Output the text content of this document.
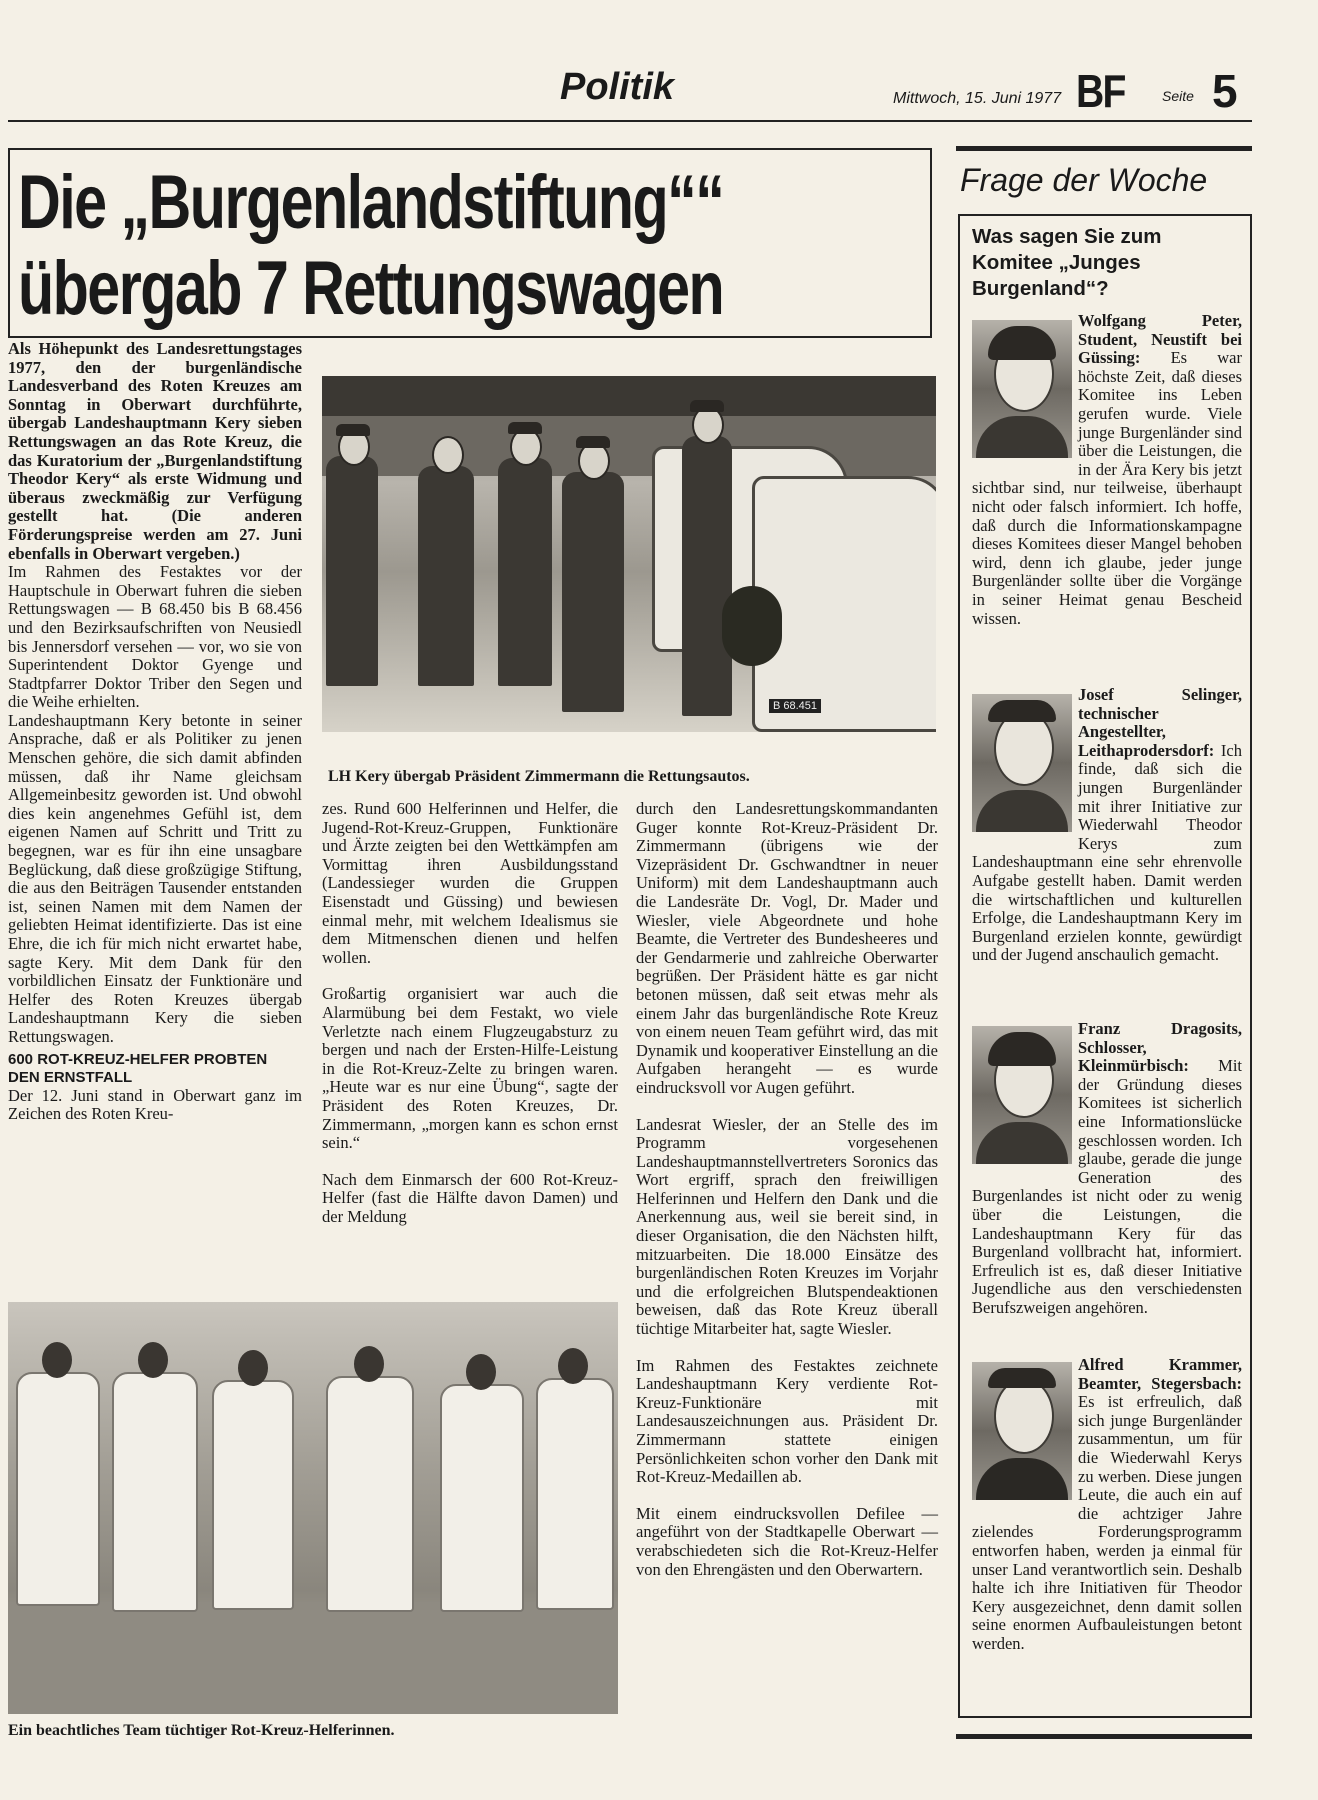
Politik	Mittwoch, 15. Juni 1977 BF	Seite 5
Die „Burgenlandstiftung““
übergab 7 Rettungswagen

Als Höhepunkt des Landesrettungstages 1977, den der burgenländische Landesverband des Roten Kreuzes am Sonntag in Oberwart durchführte, übergab Landeshauptmann Kery sieben Rettungswagen an das Rote Kreuz, die das Kuratorium der „Burgenlandstiftung Theodor Kery“ als erste Widmung und überaus zweckmäßig zur Verfügung gestellt hat. (Die anderen Förderungspreise werden am 27. Juni ebenfalls in Oberwart vergeben.)

Im Rahmen des Festaktes vor der Hauptschule in Oberwart fuhren die sieben Rettungswagen — B 68.450 bis B 68.456 und den Bezirksaufschriften von Neusiedl bis Jennersdorf versehen — vor, wo sie von Superintendent Doktor Gyenge und Stadtpfarrer Doktor Triber den Segen und die Weihe erhielten.

Landeshauptmann Kery betonte in seiner Ansprache, daß er als Politiker zu jenen Menschen gehöre, die sich damit abfinden müssen, daß ihr Name gleichsam Allgemeinbesitz geworden ist. Und obwohl dies kein angenehmes Gefühl ist, dem eigenen Namen auf Schritt und Tritt zu begegnen, war es für ihn eine unsagbare Beglückung, daß diese großzügige Stiftung, die aus den Beiträgen Tausender entstanden ist, seinen Namen mit dem Namen der geliebten Heimat identifizierte. Das ist eine Ehre, die ich für mich nicht erwartet habe, sagte Kery. Mit dem Dank für den vorbildlichen Einsatz der Funktionäre und Helfer des Roten Kreuzes übergab Landeshauptmann Kery die sieben Rettungswagen.

600 ROT-KREUZ-HELFER PROBTEN DEN ERNSTFALL

Der 12. Juni stand in Oberwart ganz im Zeichen des Roten Kreu-

B 68.451
LH Kery übergab Präsident Zimmermann die Rettungsautos.

zes. Rund 600 Helferinnen und Helfer, die Jugend-Rot-Kreuz-Gruppen, Funktionäre und Ärzte zeigten bei den Wettkämpfen am Vormittag ihren Ausbildungsstand (Landessieger wurden die Gruppen Eisenstadt und Güssing) und bewiesen einmal mehr, mit welchem Idealismus sie dem Mitmenschen dienen und helfen wollen.

Großartig organisiert war auch die Alarmübung bei dem Festakt, wo viele Verletzte nach einem Flugzeugabsturz zu bergen und nach der Ersten-Hilfe-Leistung in die Rot-Kreuz-Zelte zu bringen waren. „Heute war es nur eine Übung“, sagte der Präsident des Roten Kreuzes, Dr. Zimmermann, „morgen kann es schon ernst sein.“

Nach dem Einmarsch der 600 Rot-Kreuz-Helfer (fast die Hälfte davon Damen) und der Meldung

durch den Landesrettungskommandanten Guger konnte Rot-Kreuz-Präsident Dr. Zimmermann (übrigens wie der Vizepräsident Dr. Gschwandtner in neuer Uniform) mit dem Landeshauptmann auch die Landesräte Dr. Vogl, Dr. Mader und Wiesler, viele Abgeordnete und hohe Beamte, die Vertreter des Bundesheeres und der Gendarmerie und zahlreiche Oberwarter begrüßen. Der Präsident hätte es gar nicht betonen müssen, daß seit etwas mehr als einem Jahr das burgenländische Rote Kreuz von einem neuen Team geführt wird, das mit Dynamik und kooperativer Einstellung an die Aufgaben herangeht — es wurde eindrucksvoll vor Augen geführt.

Landesrat Wiesler, der an Stelle des im Programm vorgesehenen Landeshauptmannstellvertreters Soronics das Wort ergriff, sprach den freiwilligen Helferinnen und Helfern den Dank und die Anerkennung aus, weil sie bereit sind, in dieser Organisation, die den Nächsten hilft, mitzuarbeiten. Die 18.000 Einsätze des burgenländischen Roten Kreuzes im Vorjahr und die erfolgreichen Blutspendeaktionen beweisen, daß das Rote Kreuz überall tüchtige Mitarbeiter hat, sagte Wiesler.

Im Rahmen des Festaktes zeichnete Landeshauptmann Kery verdiente Rot-Kreuz-Funktionäre mit Landesauszeichnungen aus. Präsident Dr. Zimmermann stattete einigen Persönlichkeiten schon vorher den Dank mit Rot-Kreuz-Medaillen ab.

Mit einem eindrucksvollen Defilee — angeführt von der Stadtkapelle Oberwart — verabschiedeten sich die Rot-Kreuz-Helfer von den Ehrengästen und den Oberwartern.

Ein beachtliches Team tüchtiger Rot-Kreuz-Helferinnen.
Frage der Woche
Was sagen Sie zum Komitee „Junges Burgenland“?
Wolfgang Peter, Student, Neustift bei Güssing: Es war höchste Zeit, daß dieses Komitee ins Leben gerufen wurde. Viele junge Burgenländer sind über die Leistungen, die in der Ära Kery bis jetzt sichtbar sind, nur teilweise, überhaupt nicht oder falsch informiert. Ich hoffe, daß durch die Informationskampagne dieses Komitees dieser Mangel behoben wird, denn ich glaube, jeder junge Burgenländer sollte über die Vorgänge in seiner Heimat genau Bescheid wissen.
Josef Selinger, technischer Angestellter, Leithaprodersdorf: Ich finde, daß sich die jungen Burgenländer mit ihrer Initiative zur Wiederwahl Theodor Kerys zum Landeshauptmann eine sehr ehrenvolle Aufgabe gestellt haben. Damit werden die wirtschaftlichen und kulturellen Erfolge, die Landeshauptmann Kery im Burgenland erzielen konnte, gewürdigt und der Jugend anschaulich gemacht.
Franz Dragosits, Schlosser, Kleinmürbisch: Mit der Gründung dieses Komitees ist sicherlich eine Informationslücke geschlossen worden. Ich glaube, gerade die junge Generation des Burgenlandes ist nicht oder zu wenig über die Leistungen, die Landeshauptmann Kery für das Burgenland vollbracht hat, informiert. Erfreulich ist es, daß dieser Initiative Jugendliche aus den verschiedensten Berufszweigen angehören.
Alfred Krammer, Beamter, Stegersbach: Es ist erfreulich, daß sich junge Burgenländer zusammentun, um für die Wiederwahl Kerys zu werben. Diese jungen Leute, die auch ein auf die achtziger Jahre zielendes Forderungsprogramm entworfen haben, werden ja einmal für unser Land verantwortlich sein. Deshalb halte ich ihre Initiativen für Theodor Kery ausgezeichnet, denn damit sollen seine enormen Aufbauleistungen betont werden.
